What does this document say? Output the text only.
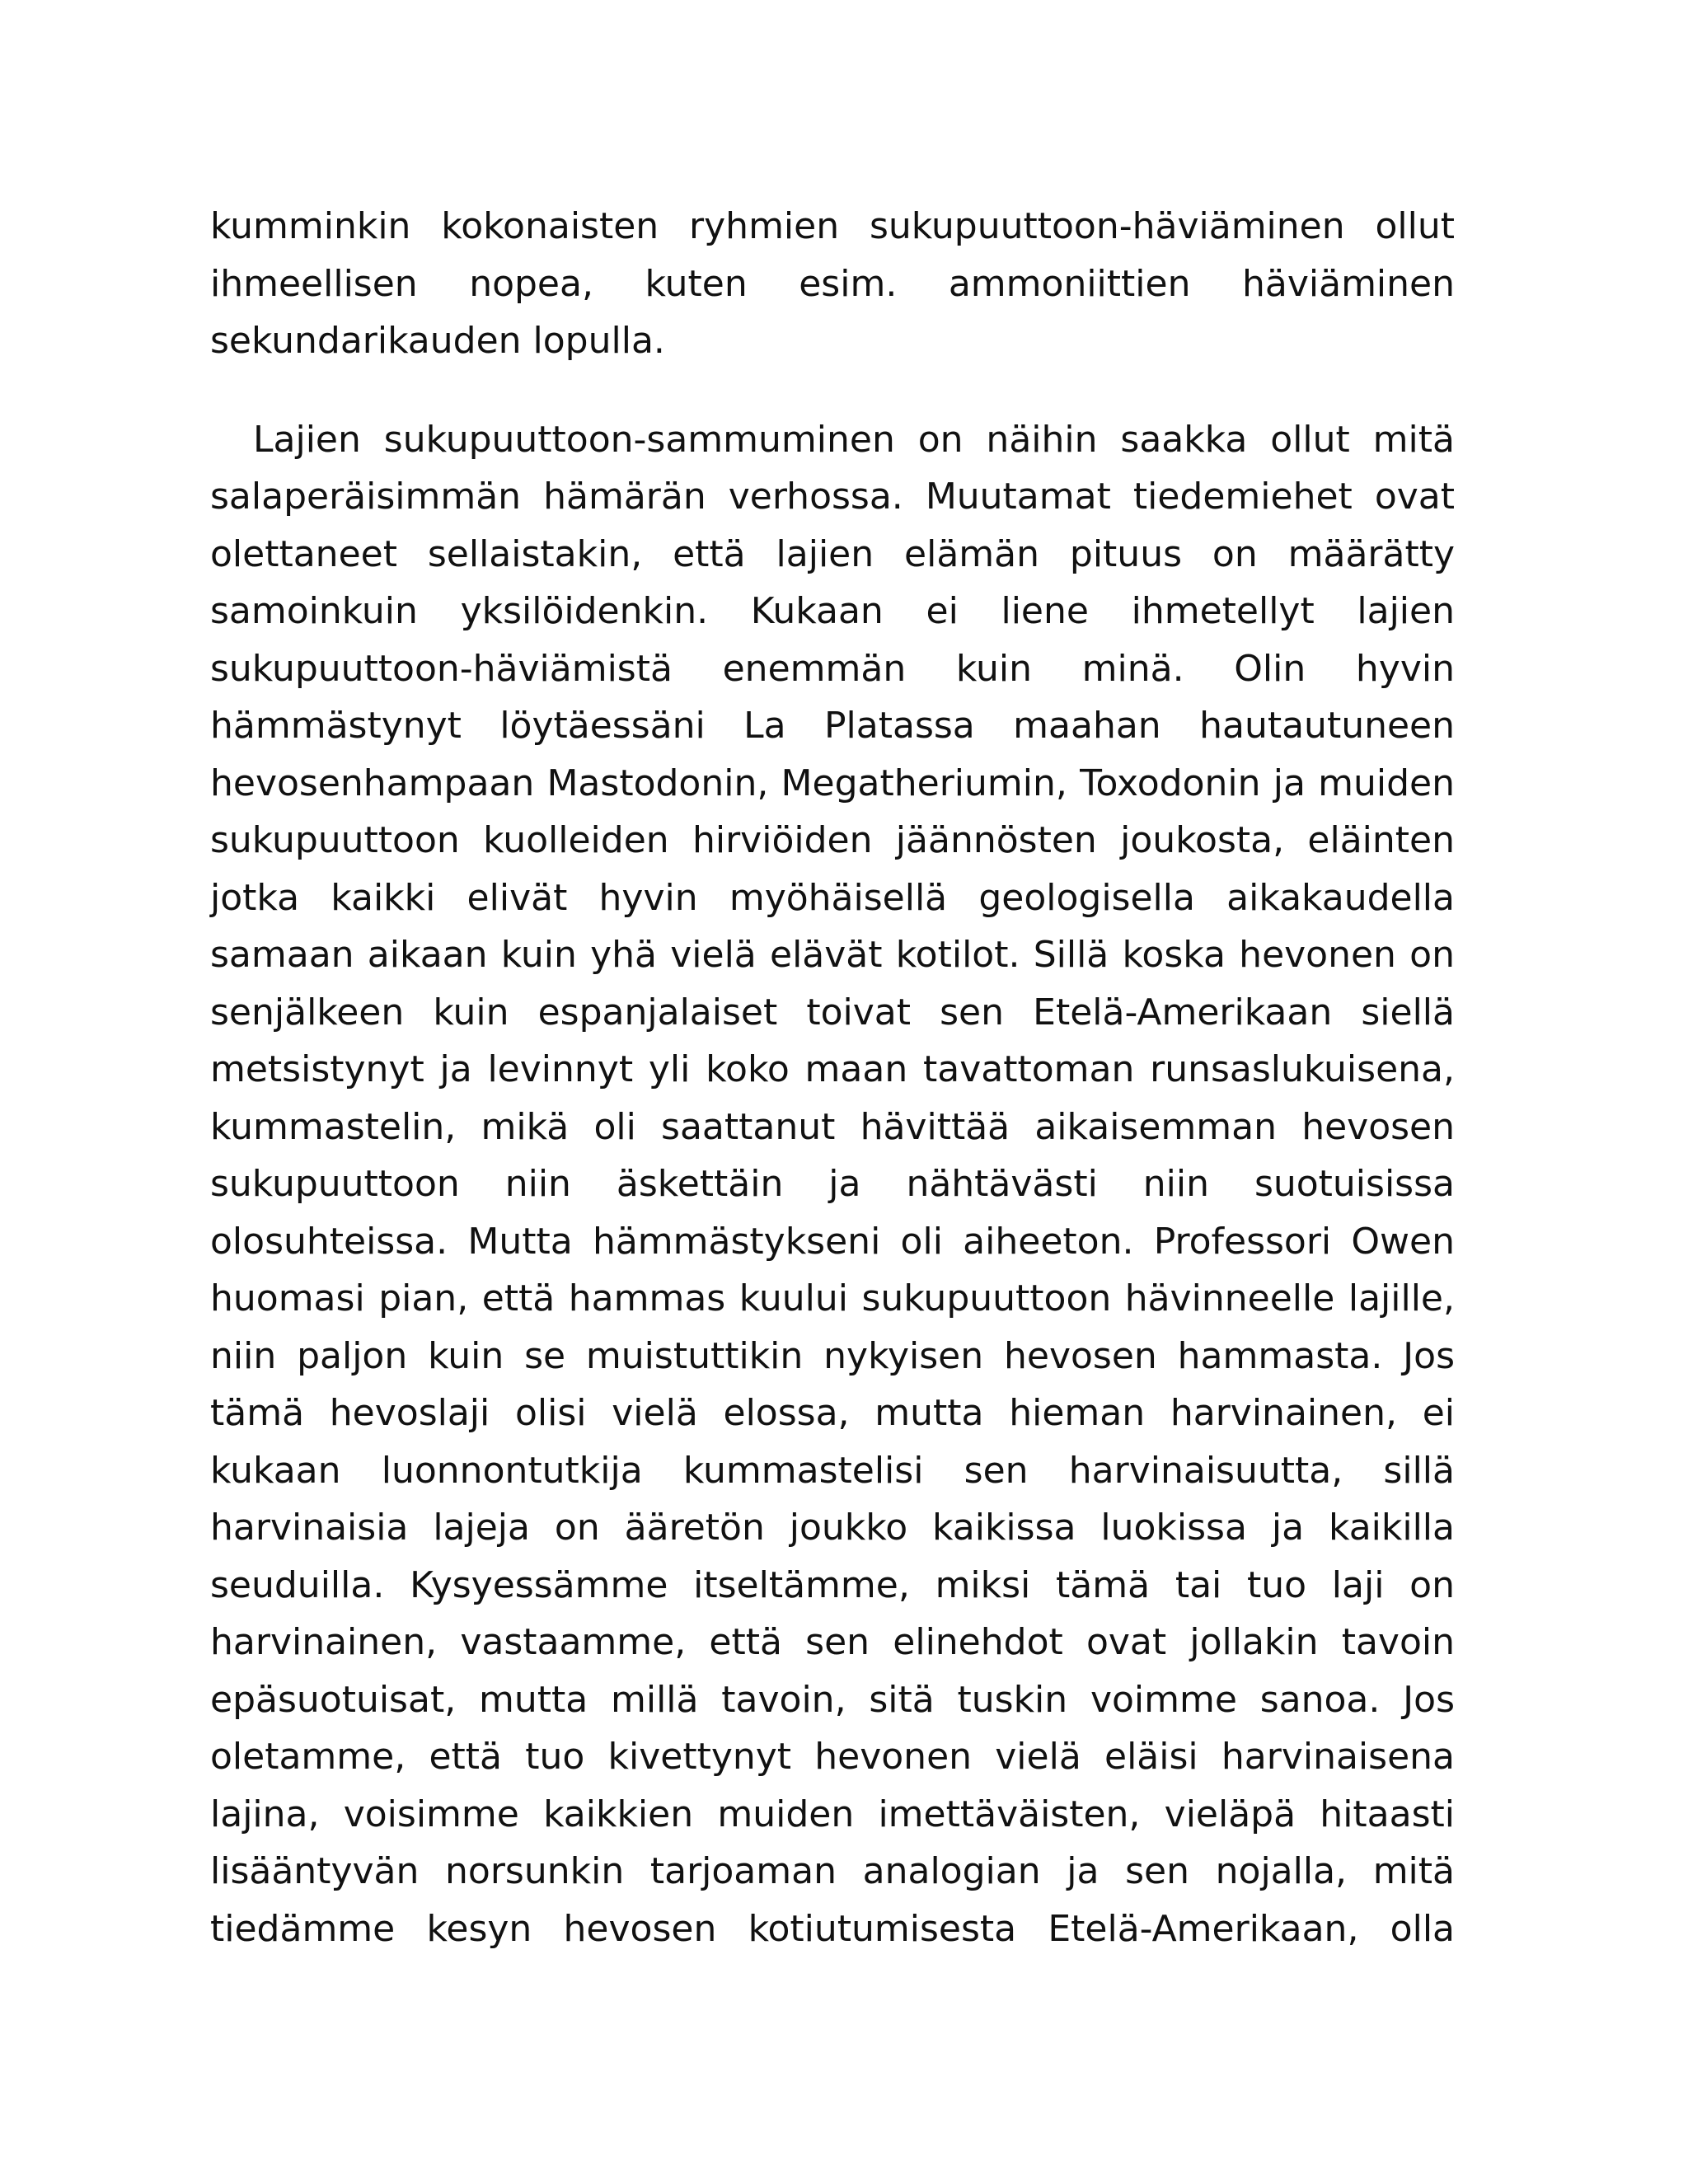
kumminkin kokonaisten ryhmien sukupuuttoon-häviäminen ollut ihmeellisen nopea, kuten esim. ammoniittien häviäminen sekundarikauden lopulla.

Lajien sukupuuttoon-sammuminen on näihin saakka ollut mitä salaperäisimmän hämärän verhossa. Muutamat tiedemiehet ovat olettaneet sellaistakin, että lajien elämän pituus on määrätty samoinkuin yksilöidenkin. Kukaan ei liene ihmetellyt lajien sukupuuttoon-häviämistä enemmän kuin minä. Olin hyvin hämmästynyt löytäessäni La Platassa maahan hautautuneen hevosenhampaan Mastodonin, Megatheriumin, Toxodonin ja muiden sukupuuttoon kuolleiden hirviöiden jäännösten joukosta, eläinten jotka kaikki elivät hyvin myöhäisellä geologisella aikakaudella samaan aikaan kuin yhä vielä elävät kotilot. Sillä koska hevonen on senjälkeen kuin espanjalaiset toivat sen Etelä-Amerikaan siellä metsistynyt ja levinnyt yli koko maan tavattoman runsaslukuisena, kummastelin, mikä oli saattanut hävittää aikaisemman hevosen sukupuuttoon niin äskettäin ja nähtävästi niin suotuisissa olosuhteissa. Mutta hämmästykseni oli aiheeton. Professori Owen huomasi pian, että hammas kuului sukupuuttoon hävinneelle lajille, niin paljon kuin se muistuttikin nykyisen hevosen hammasta. Jos tämä hevoslaji olisi vielä elossa, mutta hieman harvinainen, ei kukaan luonnontutkija kummastelisi sen harvinaisuutta, sillä harvinaisia lajeja on ääretön joukko kaikissa luokissa ja kaikilla seuduilla. Kysyessämme itseltämme, miksi tämä tai tuo laji on harvinainen, vastaamme, että sen elinehdot ovat jollakin tavoin epäsuotuisat, mutta millä tavoin, sitä tuskin voimme sanoa. Jos oletamme, että tuo kivettynyt hevonen vielä eläisi harvinaisena lajina, voisimme kaikkien muiden imettäväisten, vieläpä hitaasti lisääntyvän norsunkin tarjoaman analogian ja sen nojalla, mitä tiedämme kesyn hevosen kotiutumisesta Etelä-Amerikaan, olla
